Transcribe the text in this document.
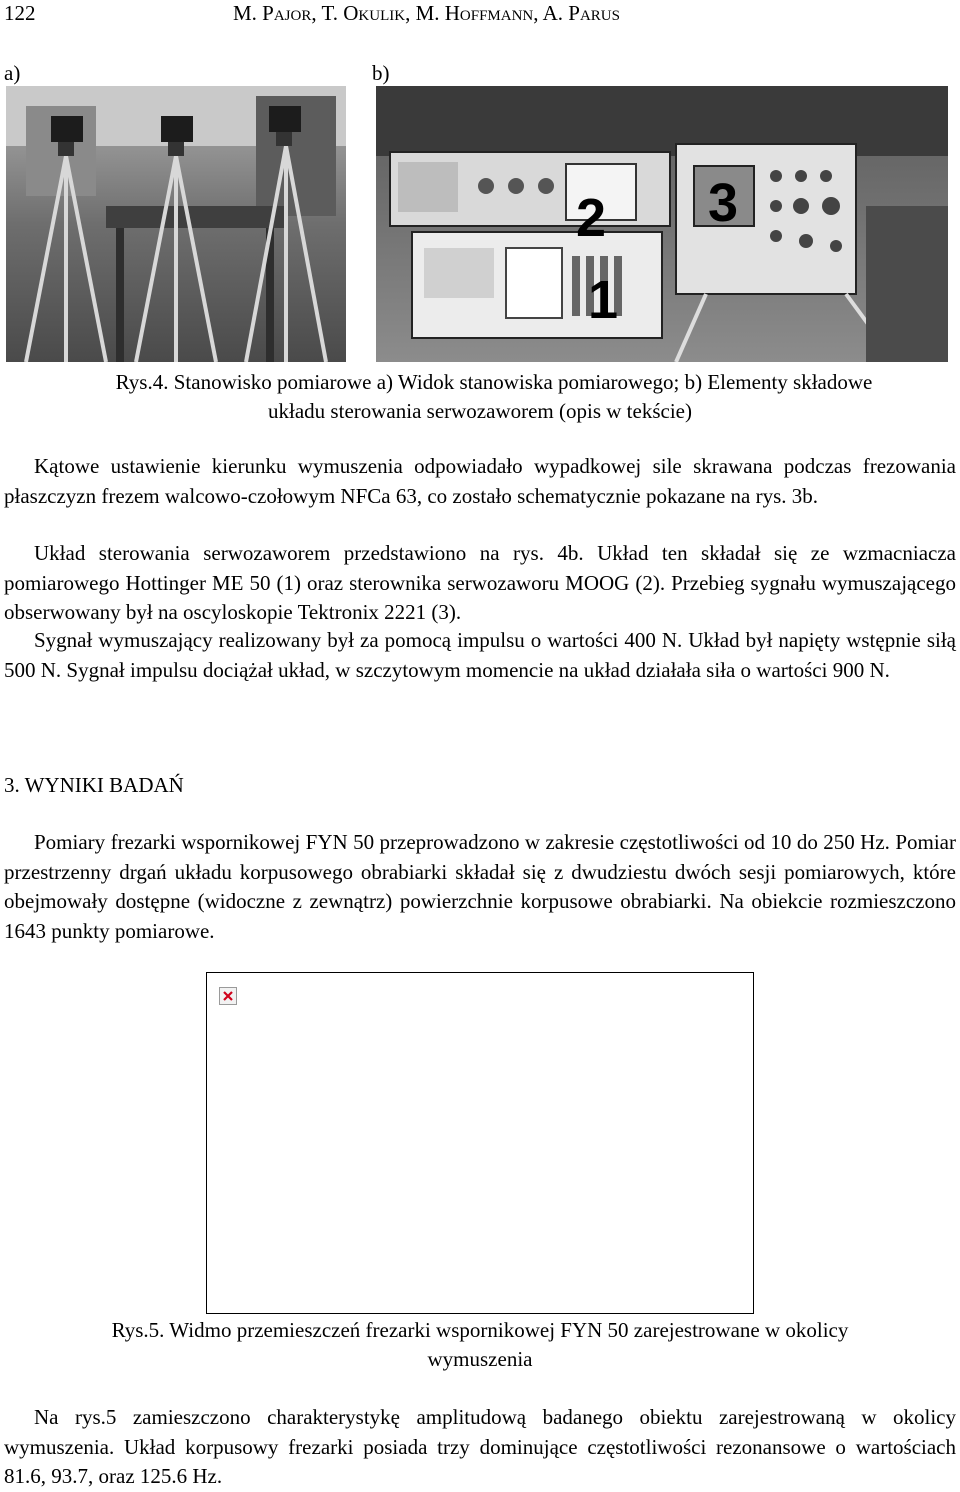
122	M. Pajor, T. Okulik, M. Hoffmann, A. Parus
a)	b)
2 3
1
Rys.4. Stanowisko pomiarowe a) Widok stanowiska pomiarowego; b) Elementy składowe
układu sterowania serwozaworem (opis w tekście)
Kątowe ustawienie kierunku wymuszenia odpowiadało wypadkowej sile skrawana podczas frezowania płaszczyzn frezem walcowo-czołowym NFCa 63, co zostało schematycznie pokazane na rys. 3b.
Układ sterowania serwozaworem przedstawiono na rys. 4b. Układ ten składał się ze wzmacniacza pomiarowego Hottinger ME 50 (1) oraz sterownika serwozaworu MOOG (2). Przebieg sygnału wymuszającego obserwowany był na oscyloskopie Tektronix 2221 (3).
Sygnał wymuszający realizowany był za pomocą impulsu o wartości 400 N. Układ był napięty wstępnie siłą 500 N. Sygnał impulsu dociążał układ, w szczytowym momencie na układ działała siła o wartości 900 N.
3. WYNIKI BADAŃ
Pomiary frezarki wspornikowej FYN 50 przeprowadzono w zakresie częstotliwości od 10 do 250 Hz. Pomiar przestrzenny drgań układu korpusowego obrabiarki składał się z dwudziestu dwóch sesji pomiarowych, które obejmowały dostępne (widoczne z zewnątrz) powierzchnie korpusowe obrabiarki. Na obiekcie rozmieszczono 1643 punkty pomiarowe.
Rys.5. Widmo przemieszczeń frezarki wspornikowej FYN 50 zarejestrowane w okolicy
wymuszenia
Na rys.5 zamieszczono charakterystykę amplitudową badanego obiektu zarejestrowaną w okolicy wymuszenia. Układ korpusowy frezarki posiada trzy dominujące częstotliwości rezonansowe o wartościach 81.6, 93.7, oraz 125.6 Hz.
